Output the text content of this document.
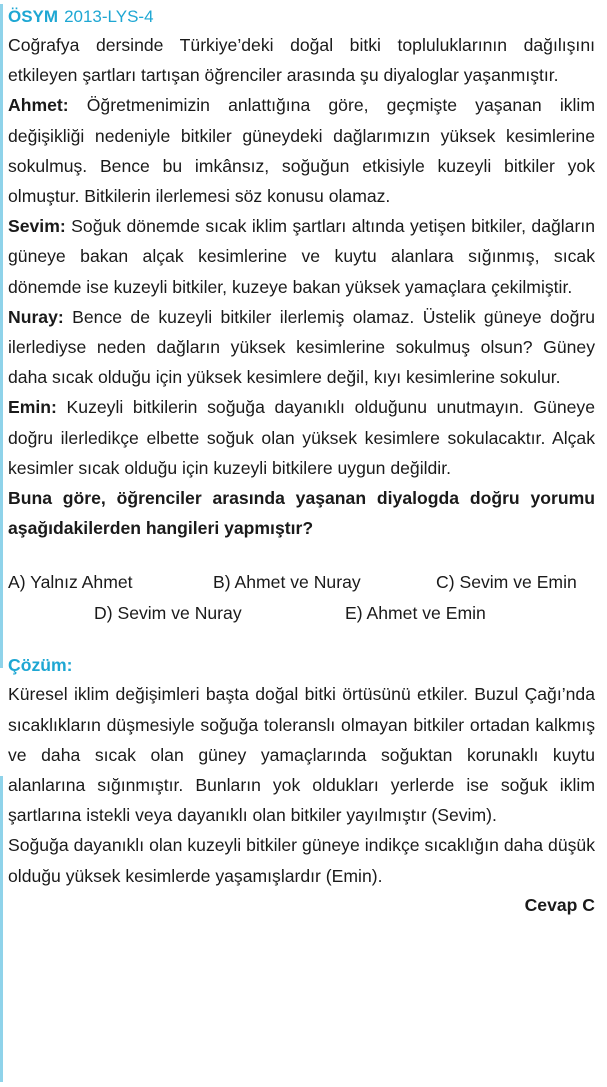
ÖSYM 2013-LYS-4

Coğrafya dersinde Türkiye’deki doğal bitki topluluklarının dağılışını etkileyen şartları tartışan öğrenciler arasında şu diyaloglar yaşanmıştır.

Ahmet: Öğretmenimizin anlattığına göre, geçmişte yaşanan iklim değişikliği nedeniyle bitkiler güneydeki dağlarımızın yüksek kesimlerine sokulmuş. Bence bu imkânsız, soğuğun etkisiyle kuzeyli bitkiler yok olmuştur. Bitkilerin ilerlemesi söz konusu olamaz.

Sevim: Soğuk dönemde sıcak iklim şartları altında yetişen bitkiler, dağların güneye bakan alçak kesimlerine ve kuytu alanlara sığınmış, sıcak dönemde ise kuzeyli bitkiler, kuzeye bakan yüksek yamaçlara çekilmiştir.

Nuray: Bence de kuzeyli bitkiler ilerlemiş olamaz. Üstelik güneye doğru ilerlediyse neden dağların yüksek kesimlerine sokulmuş olsun? Güney daha sıcak olduğu için yüksek kesimlere değil, kıyı kesimlerine sokulur.

Emin: Kuzeyli bitkilerin soğuğa dayanıklı olduğunu unutmayın. Güneye doğru ilerledikçe elbette soğuk olan yüksek kesimlere sokulacaktır. Alçak kesimler sıcak olduğu için kuzeyli bitkilere uygun değildir.

Buna göre, öğrenciler arasında yaşanan diyalogda doğru yorumu aşağıdakilerden hangileri yapmıştır?

A) Yalnız Ahmet	B) Ahmet ve Nuray	C) Sevim ve Emin
D) Sevim ve Nuray	E) Ahmet ve Emin
Çözüm:

Küresel iklim değişimleri başta doğal bitki örtüsünü etkiler. Buzul Çağı’nda sıcaklıkların düşmesiyle soğuğa toleranslı olmayan bitkiler ortadan kalkmış ve daha sıcak olan güney yamaçlarında soğuktan korunaklı kuytu alanlarına sığınmıştır. Bunların yok oldukları yerlerde ise soğuk iklim şartlarına istekli veya dayanıklı olan bitkiler yayılmıştır (Sevim).

Soğuğa dayanıklı olan kuzeyli bitkiler güneye indikçe sıcaklığın daha düşük olduğu yüksek kesimlerde yaşamışlardır (Emin).

Cevap C
